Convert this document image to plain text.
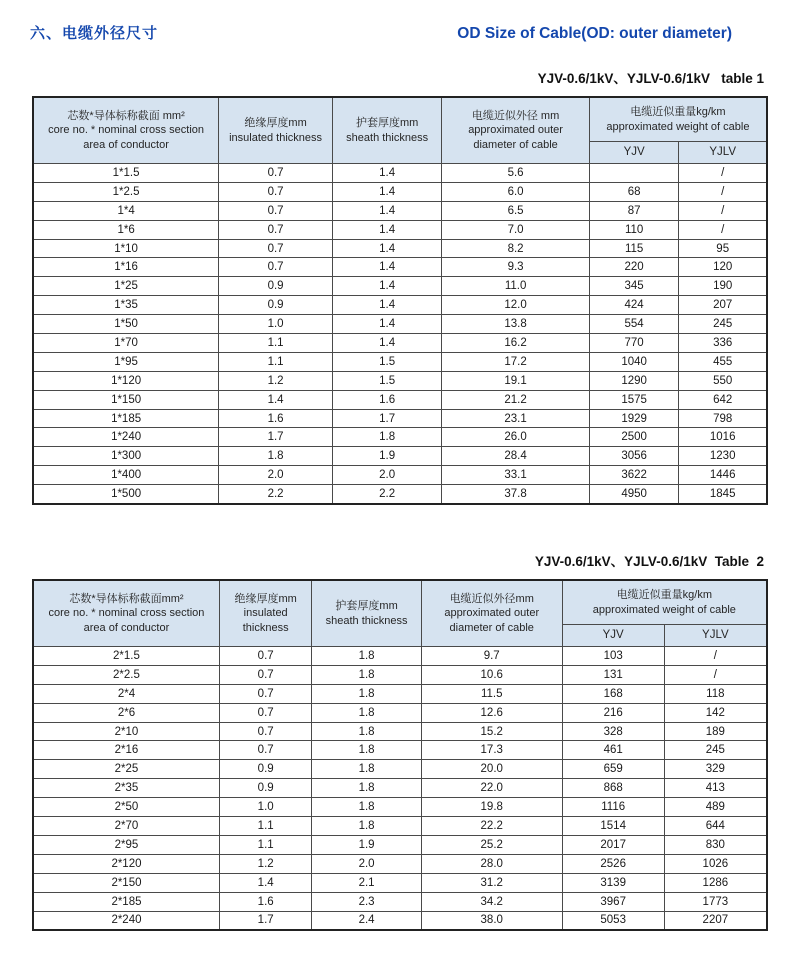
六、电缆外径尺寸	OD Size of Cable(OD: outer diameter)
YJV-0.6/1kV、YJLV-0.6/1kV   table 1
芯数*导体标称截面 mm²
core no. * nominal cross section
area of conductor

绝缘厚度mm
insulated thickness

护套厚度mm
sheath thickness

电缆近似外径 mm
approximated outer
diameter of cable

电缆近似重量kg/km
approximated weight of cable

				YJV	YJLV
1*1.5	0.7	1.4	5.6		/
1*2.5	0.7	1.4	6.0	68	/
1*4	0.7	1.4	6.5	87	/
1*6	0.7	1.4	7.0	110	/
1*10	0.7	1.4	8.2	115	95
1*16	0.7	1.4	9.3	220	120
1*25	0.9	1.4	11.0	345	190
1*35	0.9	1.4	12.0	424	207
1*50	1.0	1.4	13.8	554	245
1*70	1.1	1.4	16.2	770	336
1*95	1.1	1.5	17.2	1040	455
1*120	1.2	1.5	19.1	1290	550
1*150	1.4	1.6	21.2	1575	642
1*185	1.6	1.7	23.1	1929	798
1*240	1.7	1.8	26.0	2500	1016
1*300	1.8	1.9	28.4	3056	1230
1*400	2.0	2.0	33.1	3622	1446
1*500	2.2	2.2	37.8	4950	1845
YJV-0.6/1kV、YJLV-0.6/1kV  Table  2
芯数*导体标称截面mm²
core no. * nominal cross section
area of conductor

绝缘厚度mm
insulated
thickness

护套厚度mm
sheath thickness

电缆近似外径mm
approximated outer
diameter of cable

电缆近似重量kg/km
approximated weight of cable

				YJV	YJLV
2*1.5	0.7	1.8	9.7	103	/
2*2.5	0.7	1.8	10.6	131	/
2*4	0.7	1.8	11.5	168	118
2*6	0.7	1.8	12.6	216	142
2*10	0.7	1.8	15.2	328	189
2*16	0.7	1.8	17.3	461	245
2*25	0.9	1.8	20.0	659	329
2*35	0.9	1.8	22.0	868	413
2*50	1.0	1.8	19.8	1116	489
2*70	1.1	1.8	22.2	1514	644
2*95	1.1	1.9	25.2	2017	830
2*120	1.2	2.0	28.0	2526	1026
2*150	1.4	2.1	31.2	3139	1286
2*185	1.6	2.3	34.2	3967	1773
2*240	1.7	2.4	38.0	5053	2207
